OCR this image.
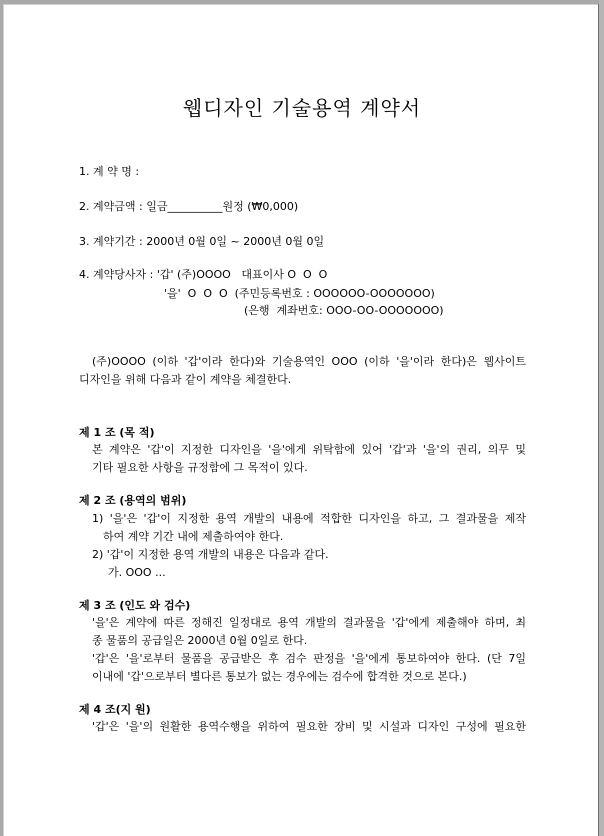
웹디자인 기술용역 계약서
1. 계 약 명 :
2. 계약금액 : 일금__________원정 (₩0,000)
3. 계약기간 : 2000년 0월 0일 ~ 2000년 0월 0일
4. 계약당사자 : '갑' (주)OOOO   대표이사 O  O  O
'을'  O  O  O  (주민등록번호 : OOOOOO-OOOOOOO)
(은행  계좌번호: OOO-OO-OOOOOOO)
(주)OOOO (이하 '갑'이라 한다)와 기술용역인 OOO (이하 '을'이라 한다)은 웹사이트
디자인을 위해 다음과 같이 계약을 체결한다.
제 1 조 (목 적)
본 계약은 '갑'이 지정한 디자인을 '을'에게 위탁함에 있어 '갑'과 '을'의 권리, 의무 및
기타 필요한 사항을 규정함에 그 목적이 있다.
제 2 조 (용역의 범위)
1) '을'은 '갑'이 지정한 용역 개발의 내용에 적합한 디자인을 하고, 그 결과물을 제작
하여 계약 기간 내에 제출하여야 한다.
2) '갑'이 지정한 용역 개발의 내용은 다음과 같다.
가. OOO ...
제 3 조 (인도 와 검수)
'을'은 계약에 따른 정해진 일정대로 용역 개발의 결과물을 '갑'에게 제출해야 하며, 최
종 물품의 공급일은 2000년 0월 0일로 한다.
'갑'은 '을'로부터 물품을 공급받은 후 검수 판정을 '을'에게 통보하여야 한다. (단 7일
이내에 '갑'으로부터 별다른 통보가 없는 경우에는 검수에 합격한 것으로 본다.)
제 4 조(지 원)
'갑'은 '을'의 원활한 용역수행을 위하여 필요한 장비 및 시설과 디자인 구성에 필요한
